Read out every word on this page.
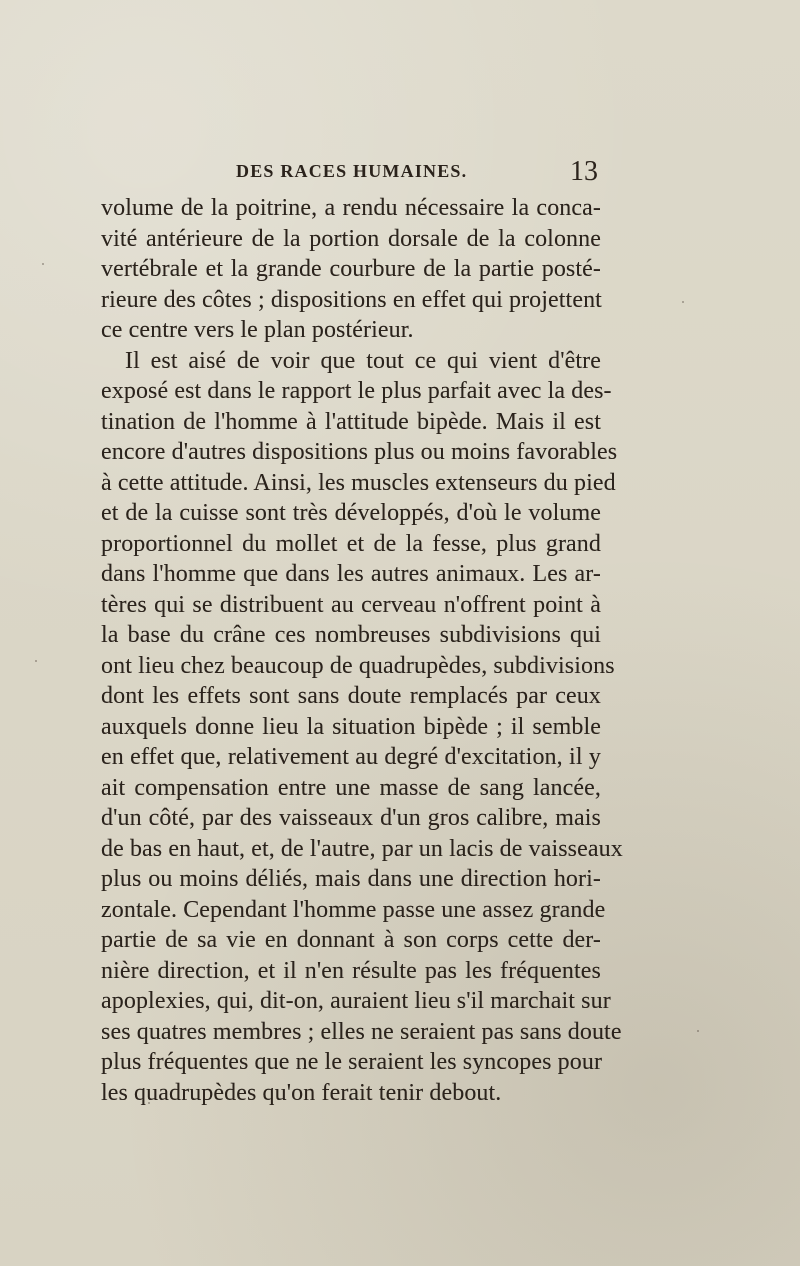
DES RACES HUMAINES.	13
volume de la poitrine, a rendu nécessaire la conca-
vité antérieure de la portion dorsale de la colonne
vertébrale et la grande courbure de la partie posté-
rieure des côtes ; dispositions en effet qui projettent
ce centre vers le plan postérieur.
Il est aisé de voir que tout ce qui vient d'être
exposé est dans le rapport le plus parfait avec la des-
tination de l'homme à l'attitude bipède. Mais il est
encore d'autres dispositions plus ou moins favorables
à cette attitude. Ainsi, les muscles extenseurs du pied
et de la cuisse sont très développés, d'où le volume
proportionnel du mollet et de la fesse, plus grand
dans l'homme que dans les autres animaux. Les ar-
tères qui se distribuent au cerveau n'offrent point à
la base du crâne ces nombreuses subdivisions qui
ont lieu chez beaucoup de quadrupèdes, subdivisions
dont les effets sont sans doute remplacés par ceux
auxquels donne lieu la situation bipède ; il semble
en effet que, relativement au degré d'excitation, il y
ait compensation entre une masse de sang lancée,
d'un côté, par des vaisseaux d'un gros calibre, mais
de bas en haut, et, de l'autre, par un lacis de vaisseaux
plus ou moins déliés, mais dans une direction hori-
zontale. Cependant l'homme passe une assez grande
partie de sa vie en donnant à son corps cette der-
nière direction, et il n'en résulte pas les fréquentes
apoplexies, qui, dit-on, auraient lieu s'il marchait sur
ses quatres membres ; elles ne seraient pas sans doute
plus fréquentes que ne le seraient les syncopes pour
les quadrupèdes qu'on ferait tenir debout.
